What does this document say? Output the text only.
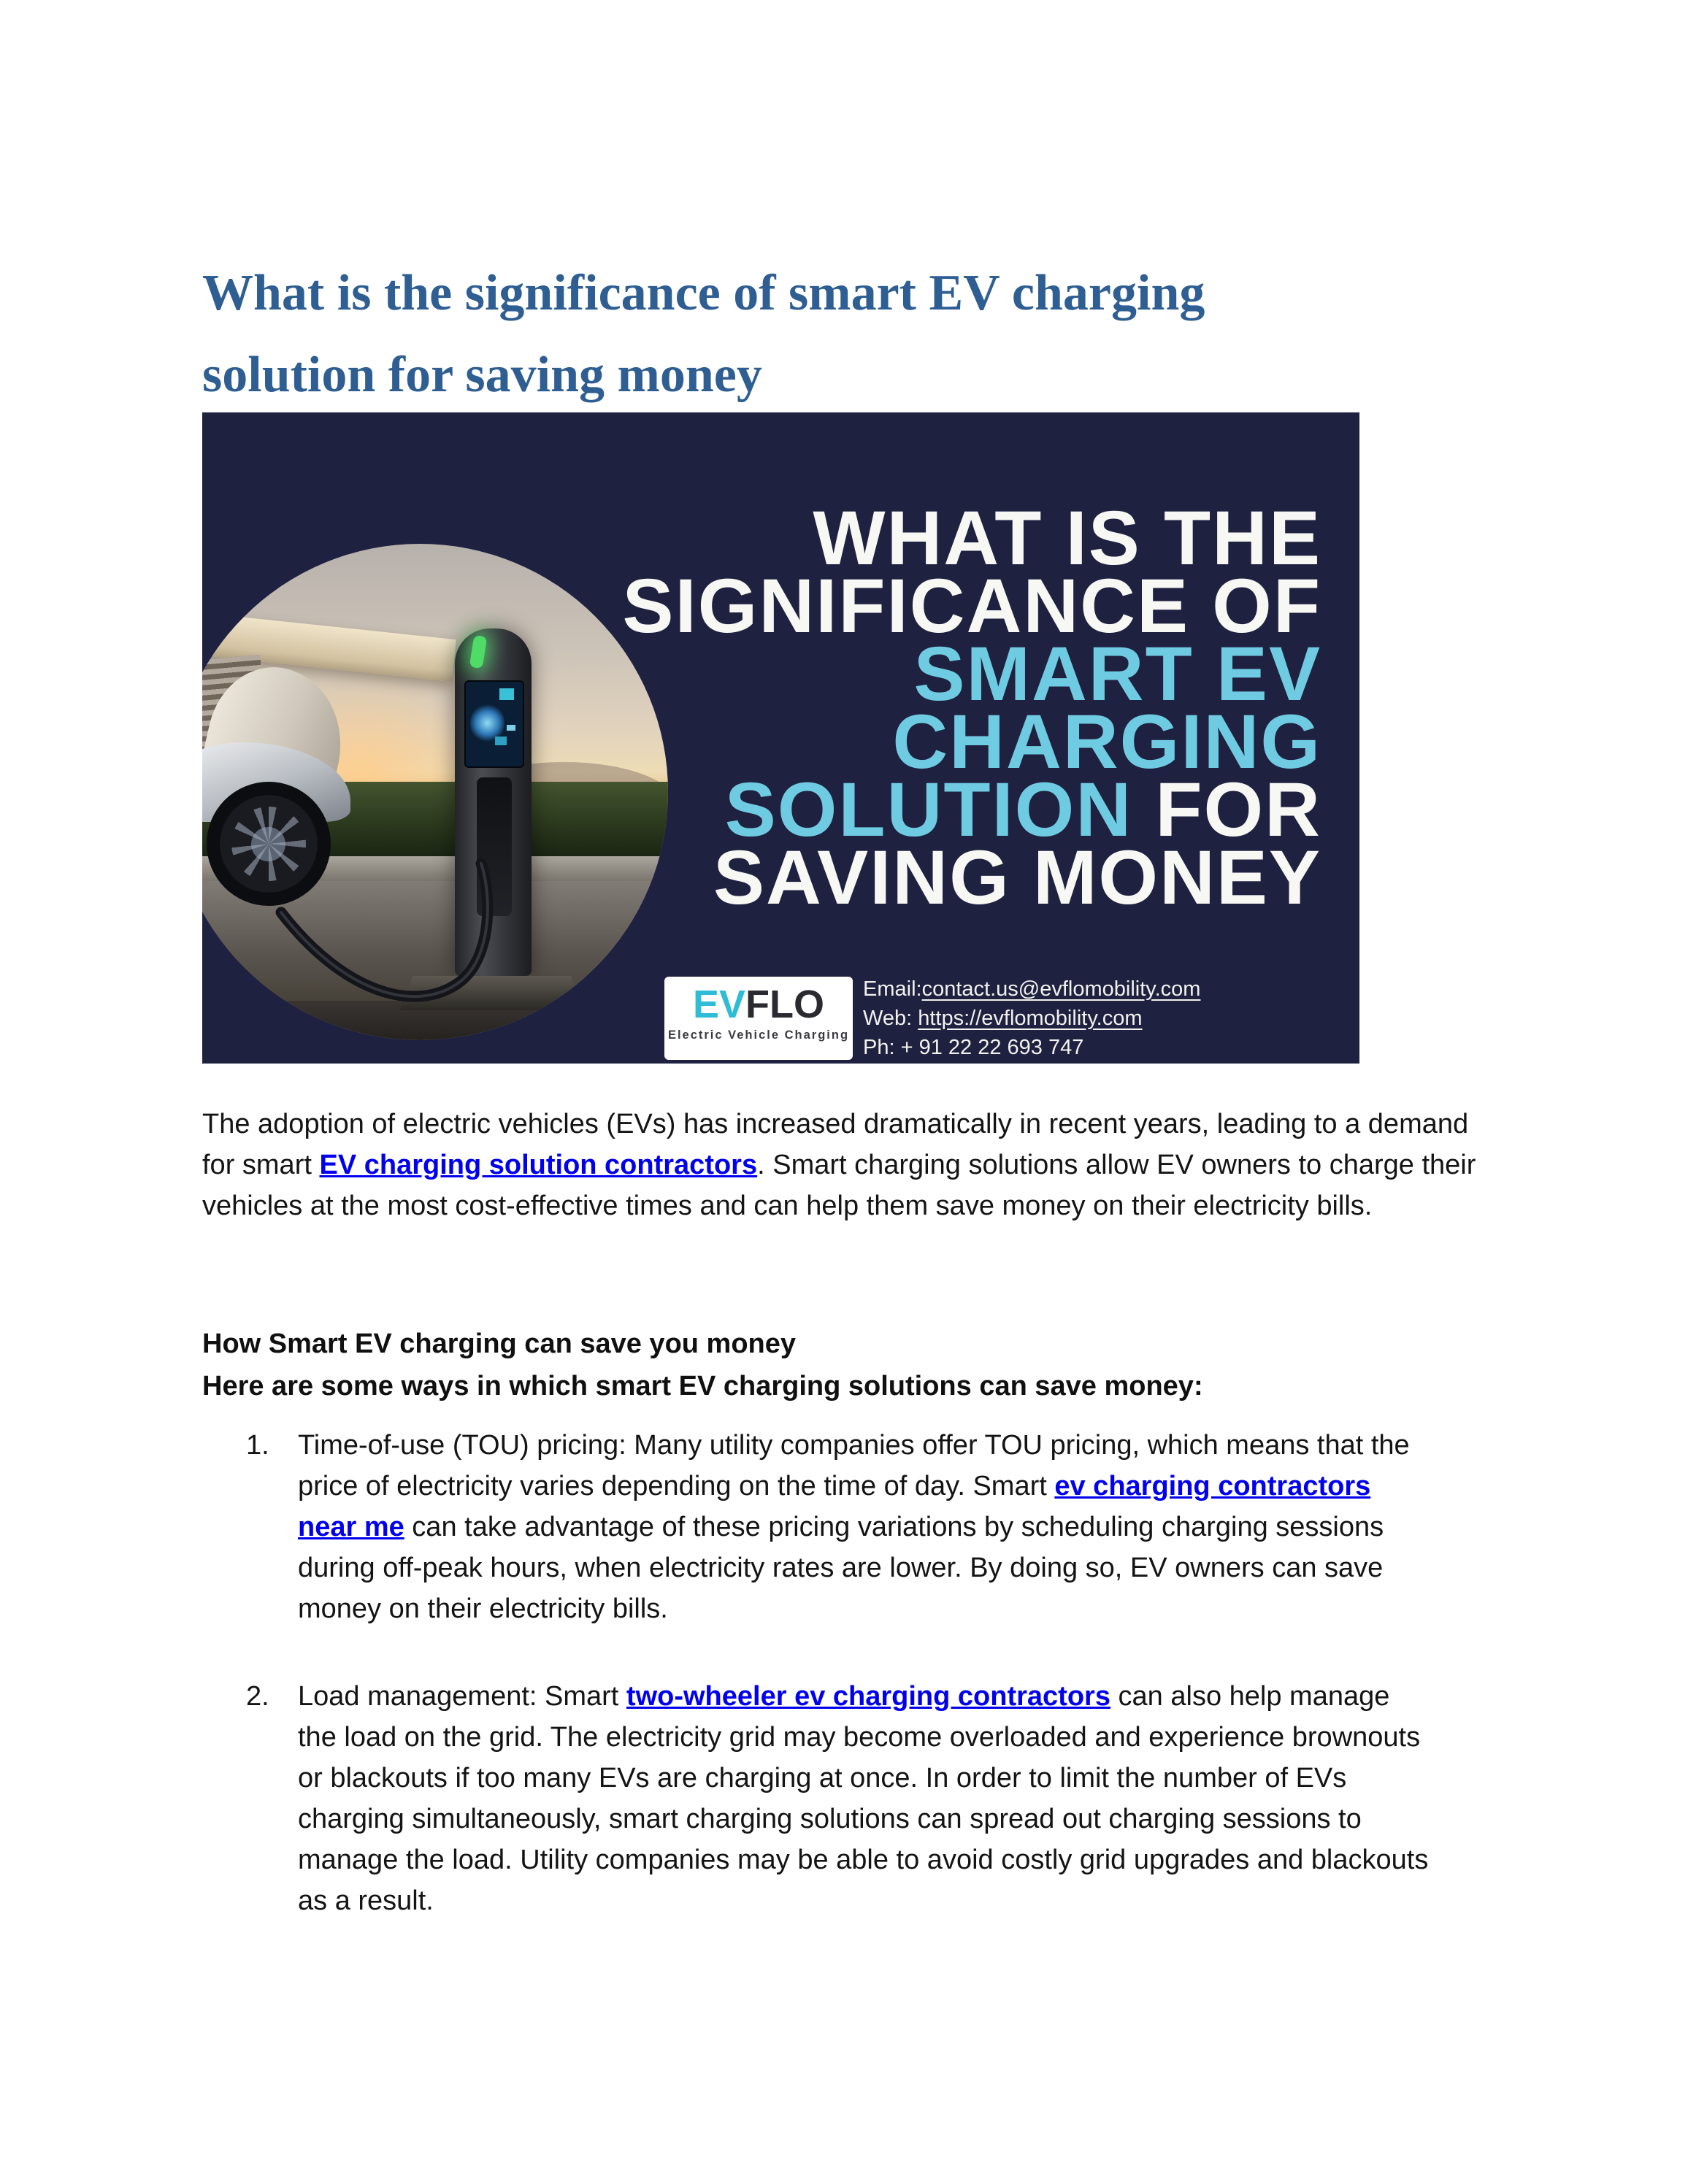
What is the significance of smart EV charging
solution for saving money
WHAT IS THE
SIGNIFICANCE OF
SMART EV
CHARGING
SOLUTION FOR
SAVING MONEY
EVFLO
Electric Vehicle Charging
Email:contact.us@evflomobility.com
Web: https://evflomobility.com
Ph: + 91 22 22 693 747

The adoption of electric vehicles (EVs) has increased dramatically in recent years, leading to a demand for smart EV charging solution contractors. Smart charging solutions allow EV owners to charge their vehicles at the most cost-effective times and can help them save money on their electricity bills.

How Smart EV charging can save you money
Here are some ways in which smart EV charging solutions can save money:
1.	Time-of-use (TOU) pricing: Many utility companies offer TOU pricing, which means that the price of electricity varies depending on the time of day. Smart ev charging contractors near me can take advantage of these pricing variations by scheduling charging sessions during off-peak hours, when electricity rates are lower. By doing so, EV owners can save money on their electricity bills.
2.	Load management: Smart two-wheeler ev charging contractors can also help manage the load on the grid. The electricity grid may become overloaded and experience brownouts or blackouts if too many EVs are charging at once. In order to limit the number of EVs charging simultaneously, smart charging solutions can spread out charging sessions to manage the load. Utility companies may be able to avoid costly grid upgrades and blackouts as a result.
